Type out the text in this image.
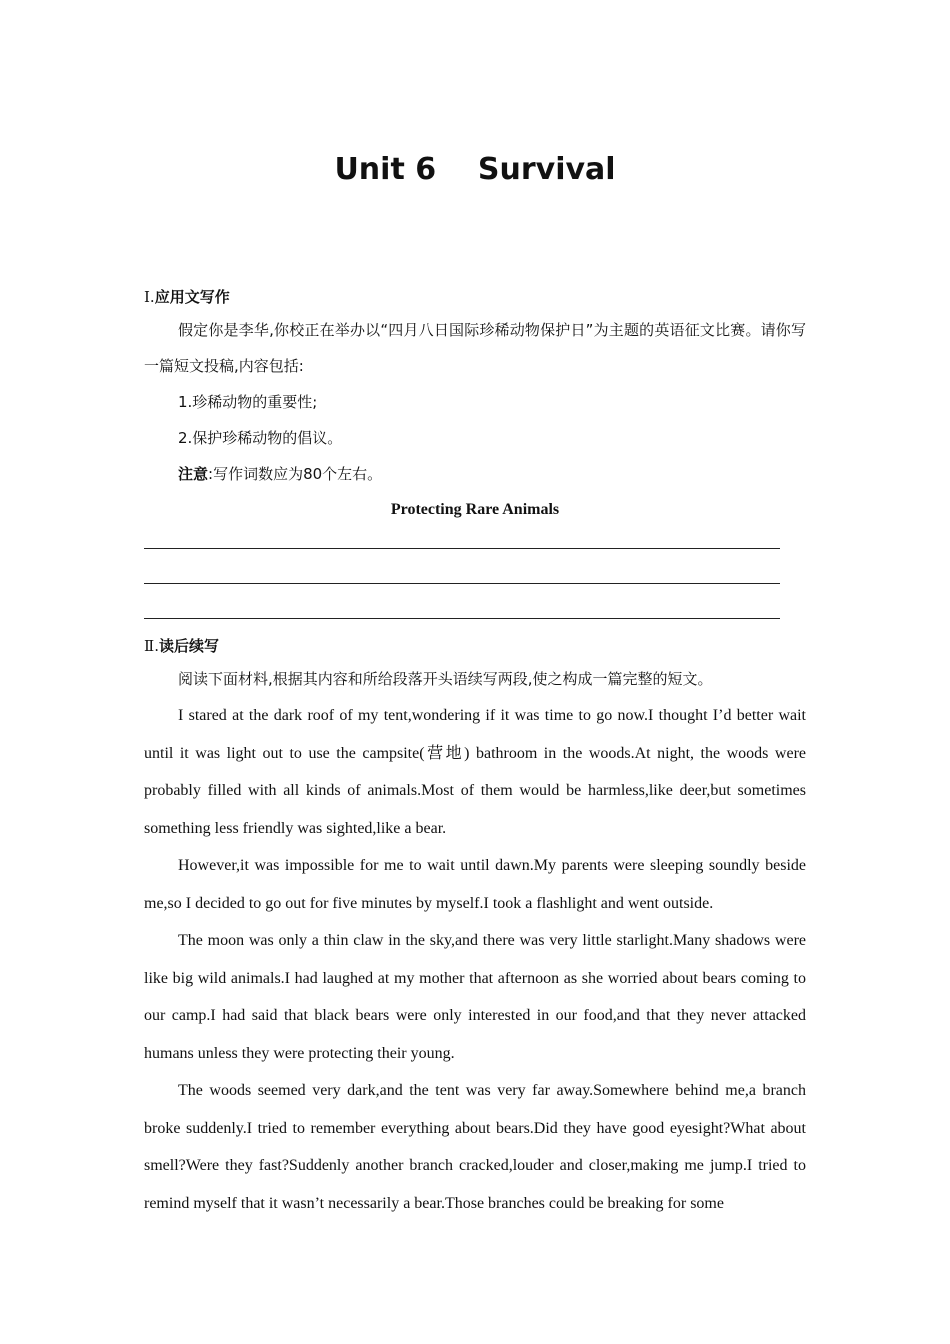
Unit 6    Survival

Ⅰ.应用文写作

假定你是李华,你校正在举办以“四月八日国际珍稀动物保护日”为主题的英语征文比赛。请你写一篇短文投稿,内容包括:

1.珍稀动物的重要性;

2.保护珍稀动物的倡议。

注意:写作词数应为80个左右。

Protecting Rare Animals

Ⅱ.读后续写

阅读下面材料,根据其内容和所给段落开头语续写两段,使之构成一篇完整的短文。

I stared at the dark roof of my tent,wondering if it was time to go now.I thought I’d better wait until it was light out to use the campsite(营地) bathroom in the woods.At night, the woods were probably filled with all kinds of animals.Most of them would be harmless,like deer,but sometimes something less friendly was sighted,like a bear.

However,it was impossible for me to wait until dawn.My parents were sleeping soundly beside me,so I decided to go out for five minutes by myself.I took a flashlight and went outside.

The moon was only a thin claw in the sky,and there was very little starlight.Many shadows were like big wild animals.I had laughed at my mother that afternoon as she worried about bears coming to our camp.I had said that black bears were only interested in our food,and that they never attacked humans unless they were protecting their young.

The woods seemed very dark,and the tent was very far away.Somewhere behind me,a branch broke suddenly.I tried to remember everything about bears.Did they have good eyesight?What about smell?Were they fast?Suddenly another branch cracked,louder and closer,making me jump.I tried to remind myself that it wasn’t necessarily a bear.Those branches could be breaking for some
